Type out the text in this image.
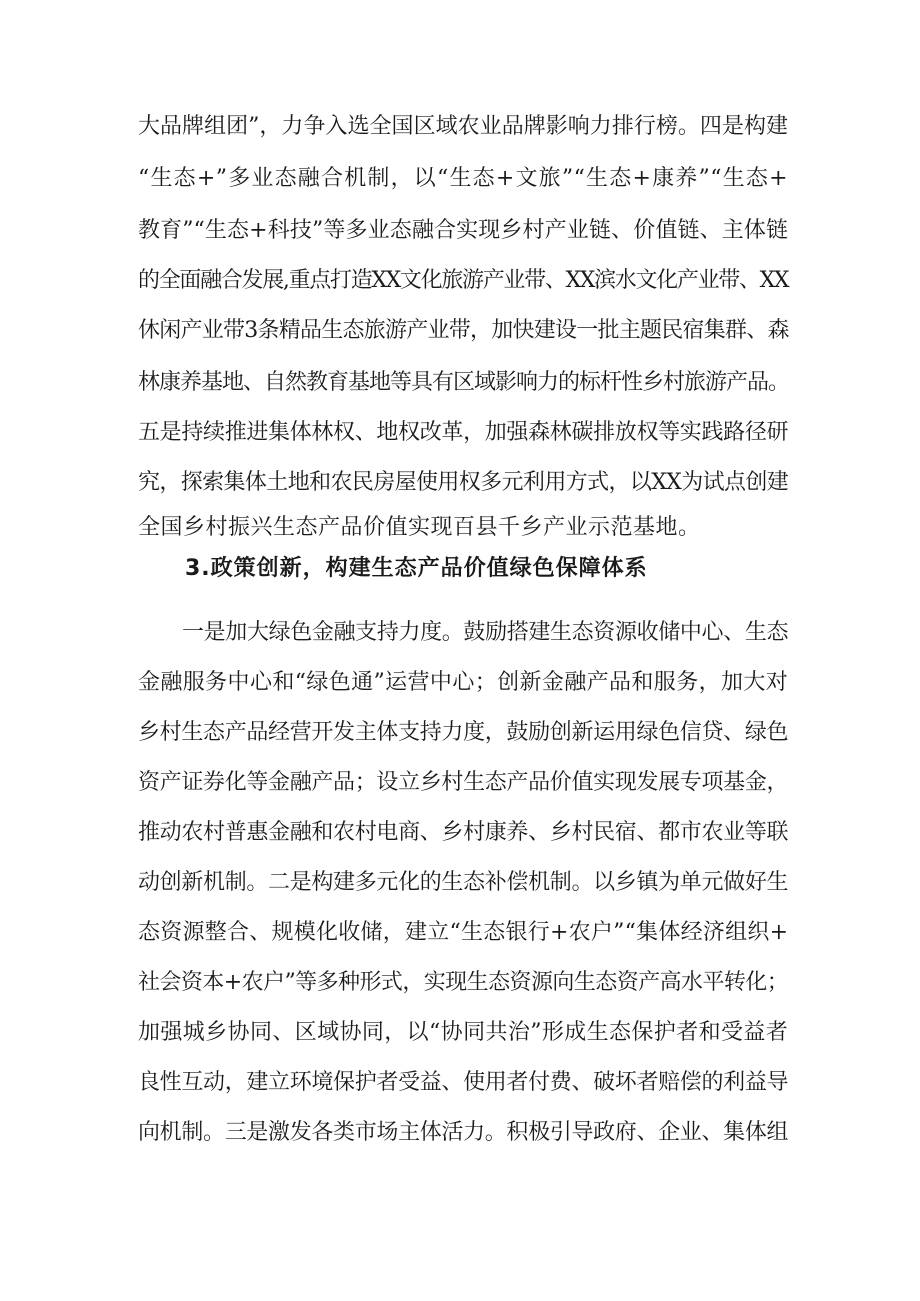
大品牌组团”，力争入选全国区域农业品牌影响力排行榜。四是构建
“生态+”多业态融合机制，以“生态+文旅”“生态+康养”“生态+
教育”“生态+科技”等多业态融合实现乡村产业链、价值链、主体链
的全面融合发展,重点打造XX文化旅游产业带、XX滨水文化产业带、XX
休闲产业带3条精品生态旅游产业带，加快建设一批主题民宿集群、森
林康养基地、自然教育基地等具有区域影响力的标杆性乡村旅游产品。
五是持续推进集体林权、地权改革，加强森林碳排放权等实践路径研
究，探索集体土地和农民房屋使用权多元利用方式，以XX为试点创建
全国乡村振兴生态产品价值实现百县千乡产业示范基地。
3.政策创新，构建生态产品价值绿色保障体系
一是加大绿色金融支持力度。鼓励搭建生态资源收储中心、生态
金融服务中心和“绿色通”运营中心；创新金融产品和服务，加大对
乡村生态产品经营开发主体支持力度，鼓励创新运用绿色信贷、绿色
资产证券化等金融产品；设立乡村生态产品价值实现发展专项基金，
推动农村普惠金融和农村电商、乡村康养、乡村民宿、都市农业等联
动创新机制。二是构建多元化的生态补偿机制。以乡镇为单元做好生
态资源整合、规模化收储，建立“生态银行+农户”“集体经济组织+
社会资本+农户”等多种形式，实现生态资源向生态资产高水平转化；
加强城乡协同、区域协同，以“协同共治”形成生态保护者和受益者
良性互动，建立环境保护者受益、使用者付费、破坏者赔偿的利益导
向机制。三是激发各类市场主体活力。积极引导政府、企业、集体组
